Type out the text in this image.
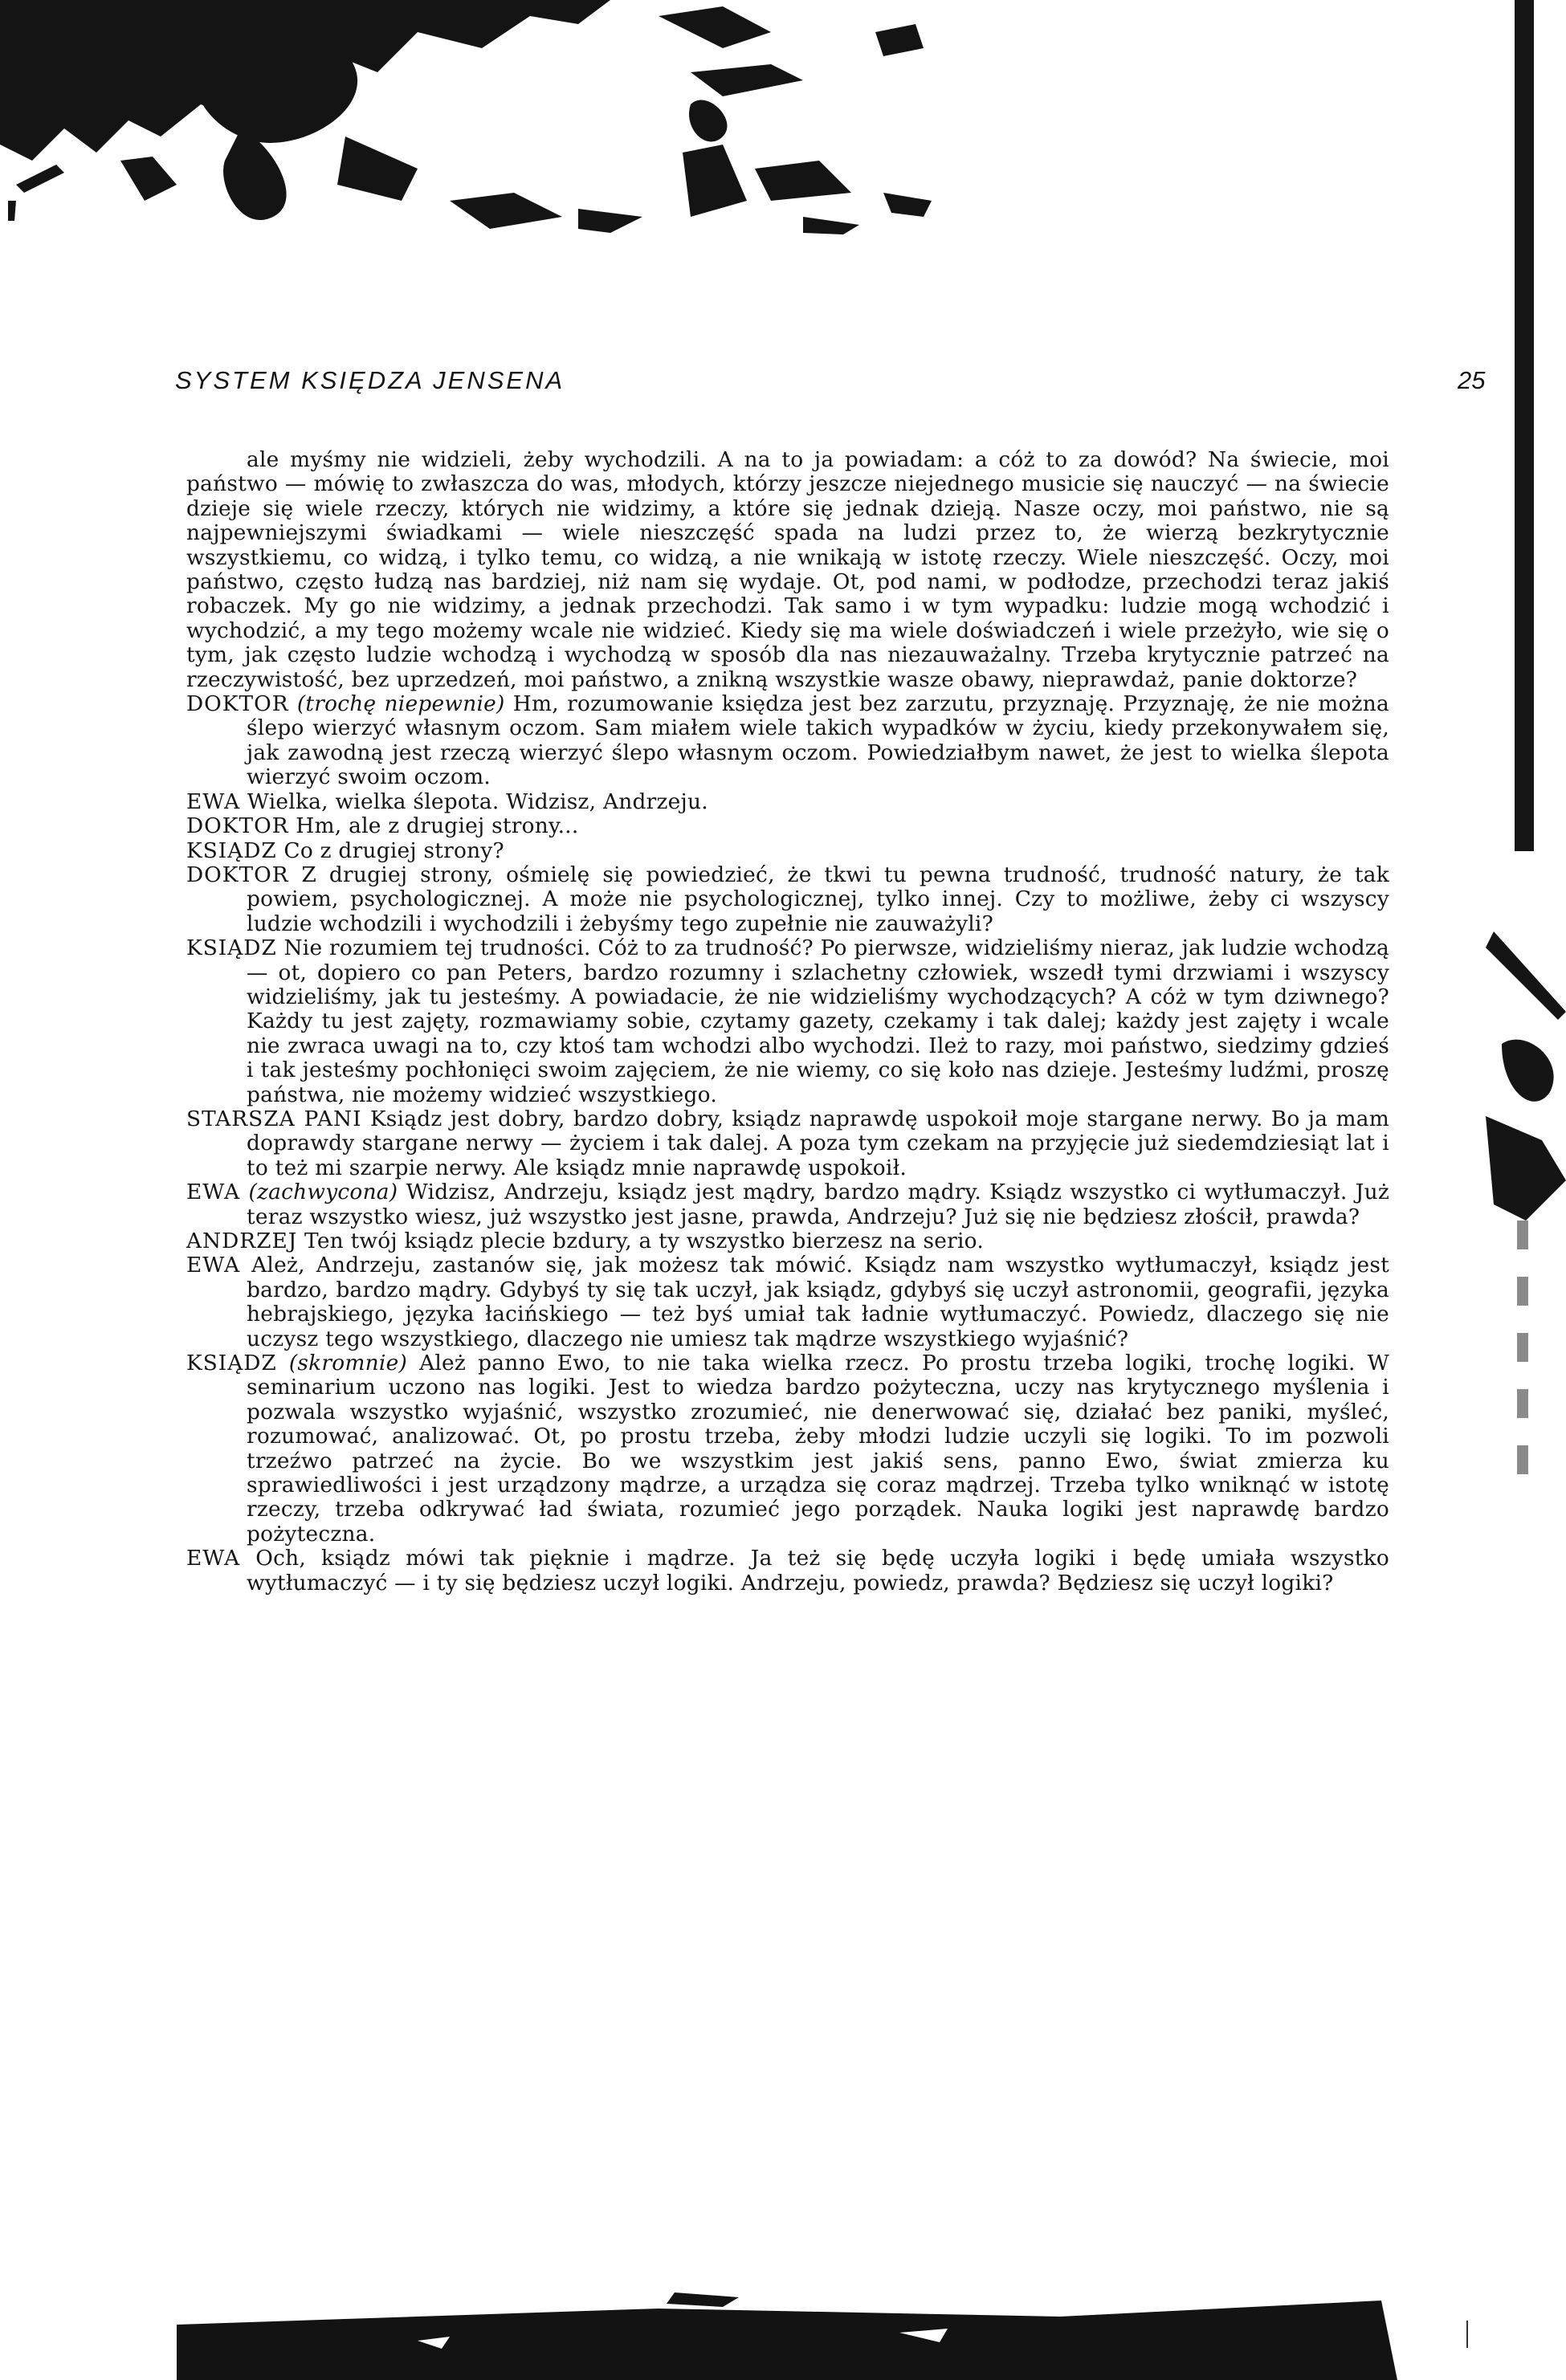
SYSTEM KSIĘDZA JENSENA	25

ale myśmy nie widzieli, żeby wychodzili. A na to ja powiadam: a cóż to za dowód? Na świecie, moi państwo — mówię to zwłaszcza do was, młodych, którzy jeszcze niejednego musicie się nauczyć — na świecie dzieje się wiele rzeczy, których nie widzimy, a które się jednak dzieją. Nasze oczy, moi państwo, nie są najpewniejszymi świadkami — wiele nieszczęść spada na ludzi przez to, że wierzą bezkrytycznie wszystkiemu, co widzą, i tylko temu, co widzą, a nie wnikają w istotę rzeczy. Wiele nieszczęść. Oczy, moi państwo, często łudzą nas bardziej, niż nam się wydaje. Ot, pod nami, w podłodze, przechodzi teraz jakiś robaczek. My go nie widzimy, a jednak przechodzi. Tak samo i w tym wypadku: ludzie mogą wchodzić i wychodzić, a my tego możemy wcale nie widzieć. Kiedy się ma wiele doświadczeń i wiele przeżyło, wie się o tym, jak często ludzie wchodzą i wychodzą w sposób dla nas niezauważalny. Trzeba krytycznie patrzeć na rzeczywistość, bez uprzedzeń, moi państwo, a znikną wszystkie wasze obawy, nieprawdaż, panie doktorze?

DOKTOR (trochę niepewnie) Hm, rozumowanie księdza jest bez zarzutu, przyznaję. Przyznaję, że nie można ślepo wierzyć własnym oczom. Sam miałem wiele takich wypadków w życiu, kiedy przekonywałem się, jak zawodną jest rzeczą wierzyć ślepo własnym oczom. Powiedziałbym nawet, że jest to wielka ślepota wierzyć swoim oczom.

EWA Wielka, wielka ślepota. Widzisz, Andrzeju.

DOKTOR Hm, ale z drugiej strony...

KSIĄDZ Co z drugiej strony?

DOKTOR Z drugiej strony, ośmielę się powiedzieć, że tkwi tu pewna trudność, trudność natury, że tak powiem, psychologicznej. A może nie psychologicznej, tylko innej. Czy to możliwe, żeby ci wszyscy ludzie wchodzili i wychodzili i żebyśmy tego zupełnie nie zauważyli?

KSIĄDZ Nie rozumiem tej trudności. Cóż to za trudność? Po pierwsze, widzieliśmy nieraz, jak ludzie wchodzą — ot, dopiero co pan Peters, bardzo rozumny i szlachetny człowiek, wszedł tymi drzwiami i wszyscy widzieliśmy, jak tu jesteśmy. A powiadacie, że nie widzieliśmy wychodzących? A cóż w tym dziwnego? Każdy tu jest zajęty, rozmawiamy sobie, czytamy gazety, czekamy i tak dalej; każdy jest zajęty i wcale nie zwraca uwagi na to, czy ktoś tam wchodzi albo wychodzi. Ileż to razy, moi państwo, siedzimy gdzieś i tak jesteśmy pochłonięci swoim zajęciem, że nie wiemy, co się koło nas dzieje. Jesteśmy ludźmi, proszę państwa, nie możemy widzieć wszystkiego.

STARSZA PANI Ksiądz jest dobry, bardzo dobry, ksiądz naprawdę uspokoił moje stargane nerwy. Bo ja mam doprawdy stargane nerwy — życiem i tak dalej. A poza tym czekam na przyjęcie już siedemdziesiąt lat i to też mi szarpie nerwy. Ale ksiądz mnie naprawdę uspokoił.

EWA (zachwycona) Widzisz, Andrzeju, ksiądz jest mądry, bardzo mądry. Ksiądz wszystko ci wytłumaczył. Już teraz wszystko wiesz, już wszystko jest jasne, prawda, Andrzeju? Już się nie będziesz złościł, prawda?

ANDRZEJ Ten twój ksiądz plecie bzdury, a ty wszystko bierzesz na serio.

EWA Ależ, Andrzeju, zastanów się, jak możesz tak mówić. Ksiądz nam wszystko wytłumaczył, ksiądz jest bardzo, bardzo mądry. Gdybyś ty się tak uczył, jak ksiądz, gdybyś się uczył astronomii, geografii, języka hebrajskiego, języka łacińskiego — też byś umiał tak ładnie wytłumaczyć. Powiedz, dlaczego się nie uczysz tego wszystkiego, dlaczego nie umiesz tak mądrze wszystkiego wyjaśnić?

KSIĄDZ (skromnie) Ależ panno Ewo, to nie taka wielka rzecz. Po prostu trzeba logiki, trochę logiki. W seminarium uczono nas logiki. Jest to wiedza bardzo pożyteczna, uczy nas krytycznego myślenia i pozwala wszystko wyjaśnić, wszystko zrozumieć, nie denerwować się, działać bez paniki, myśleć, rozumować, analizować. Ot, po prostu trzeba, żeby młodzi ludzie uczyli się logiki. To im pozwoli trzeźwo patrzeć na życie. Bo we wszystkim jest jakiś sens, panno Ewo, świat zmierza ku sprawiedliwości i jest urządzony mądrze, a urządza się coraz mądrzej. Trzeba tylko wniknąć w istotę rzeczy, trzeba odkrywać ład świata, rozumieć jego porządek. Nauka logiki jest naprawdę bardzo pożyteczna.

EWA Och, ksiądz mówi tak pięknie i mądrze. Ja też się będę uczyła logiki i będę umiała wszystko wytłumaczyć — i ty się będziesz uczył logiki. Andrzeju, powiedz, prawda? Będziesz się uczył logiki?
